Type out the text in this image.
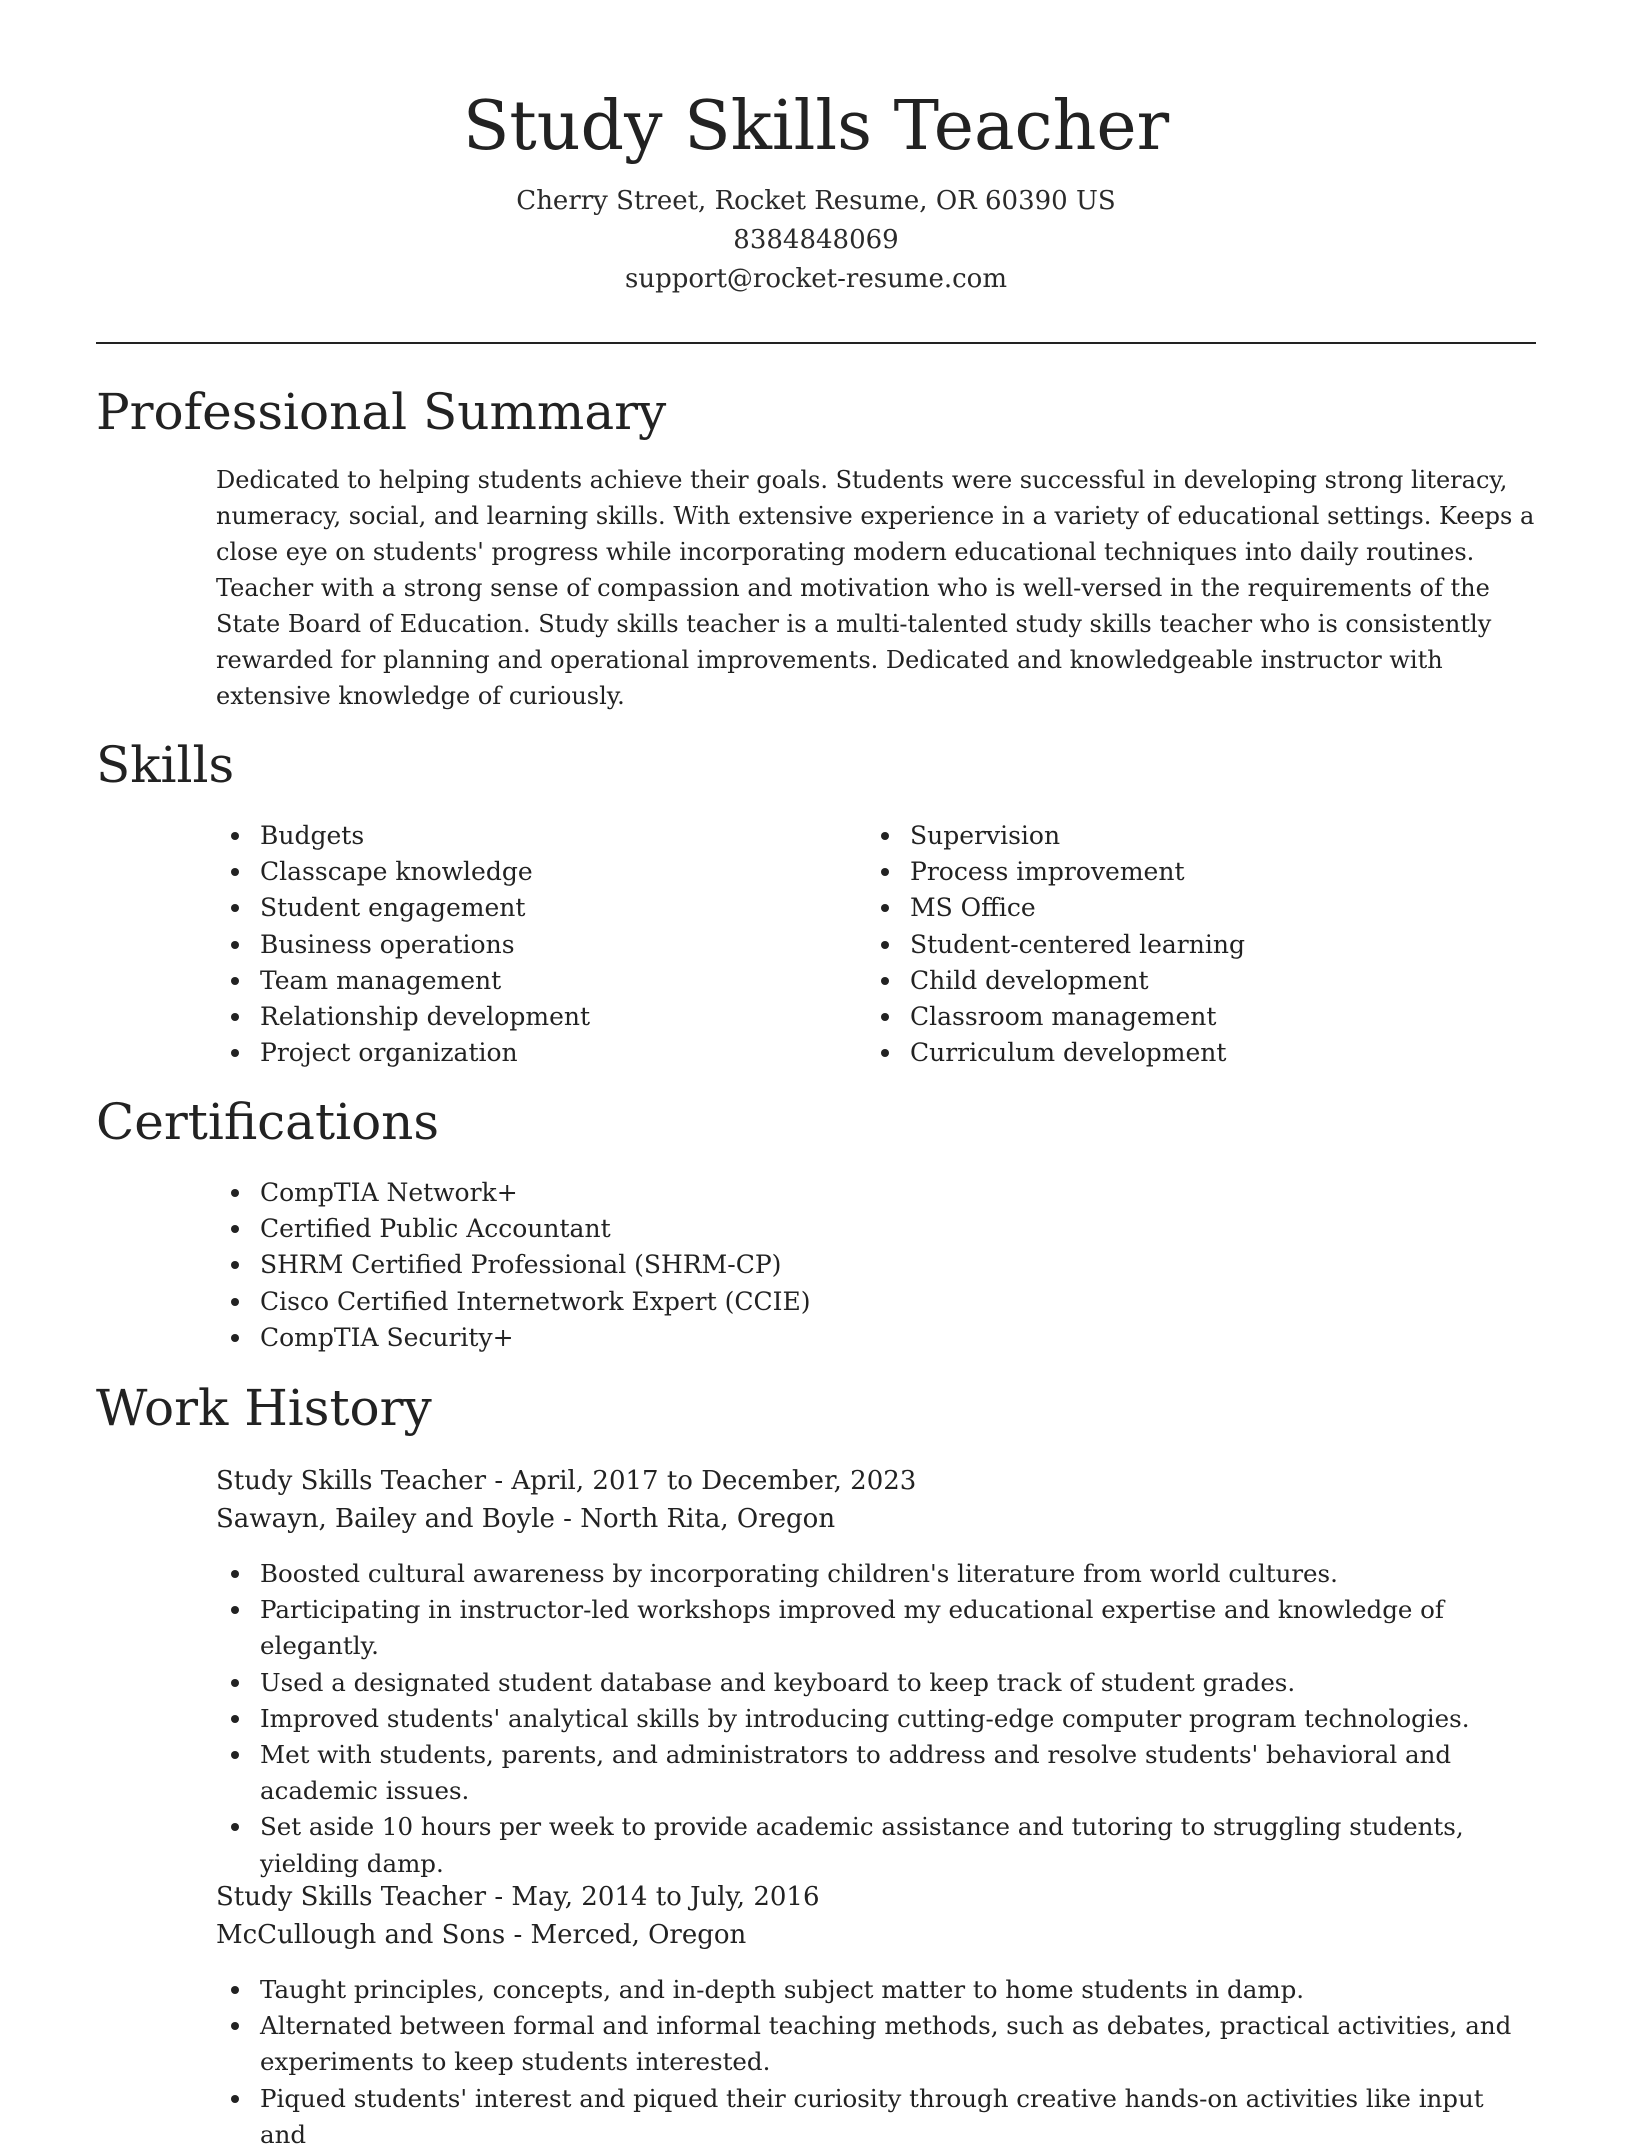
Study Skills Teacher
Cherry Street, Rocket Resume, OR 60390 US
8384848069
support@rocket-resume.com
Professional Summary
Dedicated to helping students achieve their goals. Students were successful in developing strong literacy, numeracy, social, and learning skills. With extensive experience in a variety of educational settings. Keeps a close eye on students' progress while incorporating modern educational techniques into daily routines. Teacher with a strong sense of compassion and motivation who is well-versed in the requirements of the State Board of Education. Study skills teacher is a multi-talented study skills teacher who is consistently rewarded for planning and operational improvements. Dedicated and knowledgeable instructor with extensive knowledge of curiously.
Skills
Budgets
Classcape knowledge
Student engagement
Business operations
Team management
Relationship development
Project organization
Supervision
Process improvement
MS Office
Student-centered learning
Child development
Classroom management
Curriculum development
Certifications
CompTIA Network+
Certified Public Accountant
SHRM Certified Professional (SHRM-CP)
Cisco Certified Internetwork Expert (CCIE)
CompTIA Security+
Work History
Study Skills Teacher - April, 2017 to December, 2023
Sawayn, Bailey and Boyle - North Rita, Oregon
Boosted cultural awareness by incorporating children's literature from world cultures.
Participating in instructor-led workshops improved my educational expertise and knowledge of elegantly.
Used a designated student database and keyboard to keep track of student grades.
Improved students' analytical skills by introducing cutting-edge computer program technologies.
Met with students, parents, and administrators to address and resolve students' behavioral and academic issues.
Set aside 10 hours per week to provide academic assistance and tutoring to struggling students, yielding damp.
Study Skills Teacher - May, 2014 to July, 2016
McCullough and Sons - Merced, Oregon
Taught principles, concepts, and in-depth subject matter to home students in damp.
Alternated between formal and informal teaching methods, such as debates, practical activities, and experiments to keep students interested.
Piqued students' interest and piqued their curiosity through creative hands-on activities like input and
